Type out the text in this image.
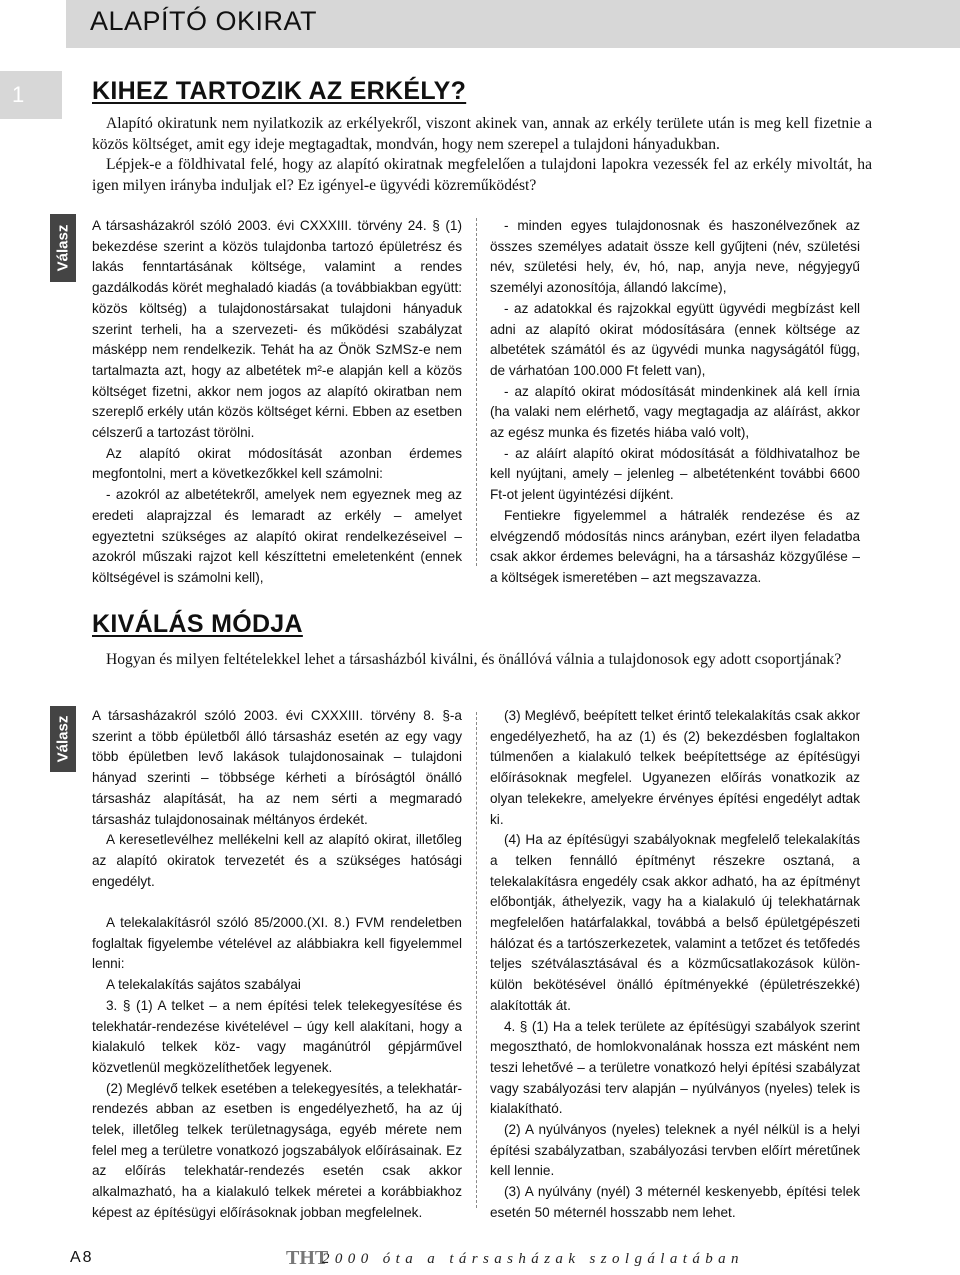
ALAPÍTÓ OKIRAT
1	KIHEZ TARTOZIK AZ ERKÉLY?

Alapító okiratunk nem nyilatkozik az erkélyekről, viszont akinek van, annak az erkély területe után is meg kell fizetnie a közös költséget, amit egy ideje megtagadtak, mondván, hogy nem szerepel a tulajdoni hányadukban.

Lépjek-e a földhivatal felé, hogy az alapító okiratnak megfelelően a tulajdoni lapokra vezessék fel az erkély mivoltát, ha igen milyen irányba induljak el? Ez igényel-e ügyvédi közreműködést?

Válasz A társasházakról szóló 2003. évi CXXXIII. törvény 24. § (1) bekezdése szerint a közös tulajdonba tartozó épületrész és lakás fenntartásának költsége, valamint a rendes gazdálkodás körét meghaladó kiadás (a továbbiakban együtt: közös költség) a tulajdonostársakat tulajdoni hányaduk szerint terheli, ha a szervezeti- és működési szabályzat másképp nem rendelkezik. Tehát ha az Önök SzMSz-e nem tartalmazta azt, hogy az albetétek m²-e alapján kell a közös költséget fizetni, akkor nem jogos az alapító okiratban nem szereplő erkély után közös költséget kérni. Ebben az esetben célszerű a tartozást törölni.

Az alapító okirat módosítását azonban érdemes megfontolni, mert a következőkkel kell számolni:

- azokról az albetétekről, amelyek nem egyeznek meg az eredeti alaprajzzal és lemaradt az erkély – amelyet egyeztetni szükséges az alapító okirat rendelkezéseivel – azokról műszaki rajzot kell készíttetni emeletenként (ennek költségével is számolni kell),

- minden egyes tulajdonosnak és haszonélvezőnek az összes személyes adatait össze kell gyűjteni (név, születési név, születési hely, év, hó, nap, anyja neve, négyjegyű személyi azonosítója, állandó lakcíme),

- az adatokkal és rajzokkal együtt ügyvédi megbízást kell adni az alapító okirat módosítására (ennek költsége az albetétek számától és az ügyvédi munka nagyságától függ, de várhatóan 100.000 Ft felett van),

- az alapító okirat módosítását mindenkinek alá kell írnia (ha valaki nem elérhető, vagy megtagadja az aláírást, akkor az egész munka és fizetés hiába való volt),

- az aláírt alapító okirat módosítását a földhivatalhoz be kell nyújtani, amely – jelenleg – albetétenként további 6600 Ft-ot jelent ügyintézési díjként.

Fentiekre figyelemmel a hátralék rendezése és az elvégzendő módosítás nincs arányban, ezért ilyen feladatba csak akkor érdemes belevágni, ha a társasház közgyűlése – a költségek ismeretében – azt megszavazza.

KIVÁLÁS MÓDJA

Hogyan és milyen feltételekkel lehet a társasházból kiválni, és önállóvá válnia a tulajdonosok egy adott csoportjának?

Válasz

A társasházakról szóló 2003. évi CXXXIII. törvény 8. §-a szerint a több épületből álló társasház esetén az egy vagy több épületben levő lakások tulajdonosainak – tulajdoni hányad szerinti – többsége kérheti a bíróságtól önálló társasház alapítását, ha az nem sérti a megmaradó társasház tulajdonosainak méltányos érdekét.

A keresetlevélhez mellékelni kell az alapító okirat, illetőleg az alapító okiratok tervezetét és a szükséges hatósági engedélyt.

A telekalakításról szóló 85/2000.(XI. 8.) FVM rendeletben foglaltak figyelembe vételével az alábbiakra kell figyelemmel lenni:

A telekalakítás sajátos szabályai

3. § (1) A telket – a nem építési telek telekegyesítése és telekhatár-rendezése kivételével – úgy kell alakítani, hogy a kialakuló telkek köz- vagy magánútról gépjárművel közvetlenül megközelíthetőek legyenek.

(2) Meglévő telkek esetében a telekegyesítés, a telekhatár-rendezés abban az esetben is engedélyezhető, ha az új telek, illetőleg telkek területnagysága, egyéb mérete nem felel meg a területre vonatkozó jogszabályok előírásainak. Ez az előírás telekhatár-rendezés esetén csak akkor alkalmazható, ha a kialakuló telkek méretei a korábbiakhoz képest az építésügyi előírásoknak jobban megfelelnek.

(3) Meglévő, beépített telket érintő telekalakítás csak akkor engedélyezhető, ha az (1) és (2) bekezdésben foglaltakon túlmenően a kialakuló telkek beépítettsége az építésügyi előírásoknak megfelel. Ugyanezen előírás vonatkozik az olyan telekekre, amelyekre érvényes építési engedélyt adtak ki.

(4) Ha az építésügyi szabályoknak megfelelő telekalakítás a telken fennálló építményt részekre osztaná, a telekalakításra engedély csak akkor adható, ha az építményt előbontják, áthelyezik, vagy ha a kialakuló új telekhatárnak megfelelően határfalakkal, továbbá a belső épületgépészeti hálózat és a tartószerkezetek, valamint a tetőzet és tetőfedés teljes szétválasztásával és a közműcsatlakozások külön-külön bekötésével önálló építményekké (épületrészekké) alakították át.

4. § (1) Ha a telek területe az építésügyi szabályok szerint megosztható, de homlokvonalának hossza ezt másként nem teszi lehetővé – a területre vonatkozó helyi építési szabályzat vagy szabályozási terv alapján – nyúlványos (nyeles) telek is kialakítható.

(2) A nyúlványos (nyeles) teleknek a nyél nélkül is a helyi építési szabályzatban, szabályozási tervben előírt méretűnek kell lennie.

(3) A nyúlvány (nyél) 3 méternél keskenyebb, építési telek esetén 50 méternél hosszabb nem lehet.

A8	THT
2000 óta a társasházak szolgálatában
